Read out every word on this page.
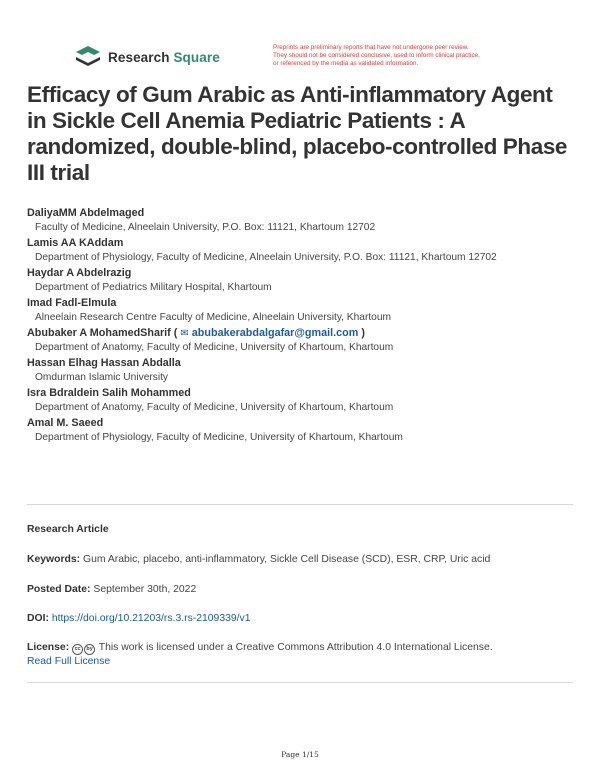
Research Square
Preprints are preliminary reports that have not undergone peer review.
They should not be considered conclusive, used to inform clinical practice,
or referenced by the media as validated information.
Efficacy of Gum Arabic as Anti-inflammatory Agent in Sickle Cell Anemia Pediatric Patients : A randomized, double-blind, placebo-controlled Phase III trial
DaliyaMM Abdelmaged
Faculty of Medicine, Alneelain University, P.O. Box: 11121, Khartoum 12702
Lamis AA KAddam
Department of Physiology, Faculty of Medicine, Alneelain University, P.O. Box: 11121, Khartoum 12702
Haydar A Abdelrazig
Department of Pediatrics Military Hospital, Khartoum
Imad Fadl-Elmula
Alneelain Research Centre Faculty of Medicine, Alneelain University, Khartoum
Abubaker A MohamedSharif ( ✉ abubakerabdalgafar@gmail.com )
Department of Anatomy, Faculty of Medicine, University of Khartoum, Khartoum
Hassan Elhag Hassan Abdalla
Omdurman Islamic University
Isra Bdraldein Salih Mohammed
Department of Anatomy, Faculty of Medicine, University of Khartoum, Khartoum
Amal M. Saeed
Department of Physiology, Faculty of Medicine, University of Khartoum, Khartoum
Research Article
Keywords: Gum Arabic, placebo, anti-inflammatory, Sickle Cell Disease (SCD), ESR, CRP, Uric acid
Posted Date: September 30th, 2022
DOI: https://doi.org/10.21203/rs.3.rs-2109339/v1
License: cc by This work is licensed under a Creative Commons Attribution 4.0 International License.
Read Full License
Page 1/15
